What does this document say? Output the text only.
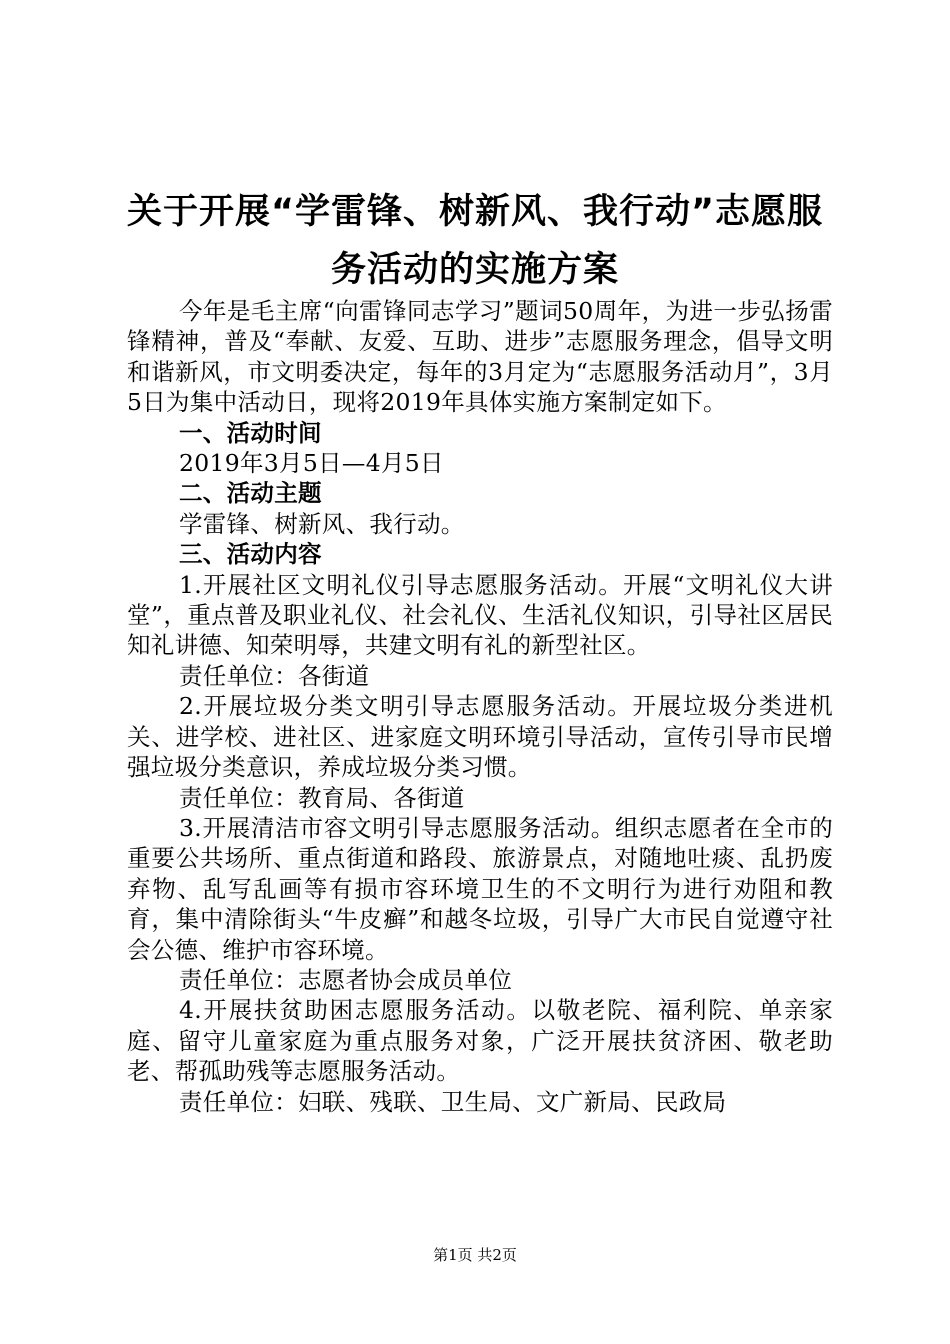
关于开展“学雷锋、树新风、我行动”志愿服
务活动的实施方案

今年是毛主席“向雷锋同志学习”题词50周年，为进一步弘扬雷锋精神，普及“奉献、友爱、互助、进步”志愿服务理念，倡导文明和谐新风，市文明委决定，每年的3月定为“志愿服务活动月”，3月5日为集中活动日，现将2019年具体实施方案制定如下。

一、活动时间

2019年3月5日—4月5日

二、活动主题

学雷锋、树新风、我行动。

三、活动内容

1.开展社区文明礼仪引导志愿服务活动。开展“文明礼仪大讲堂”，重点普及职业礼仪、社会礼仪、生活礼仪知识，引导社区居民知礼讲德、知荣明辱，共建文明有礼的新型社区。

责任单位：各街道

2.开展垃圾分类文明引导志愿服务活动。开展垃圾分类进机关、进学校、进社区、进家庭文明环境引导活动，宣传引导市民增强垃圾分类意识，养成垃圾分类习惯。

责任单位：教育局、各街道

3.开展清洁市容文明引导志愿服务活动。组织志愿者在全市的重要公共场所、重点街道和路段、旅游景点，对随地吐痰、乱扔废弃物、乱写乱画等有损市容环境卫生的不文明行为进行劝阻和教育，集中清除街头“牛皮癣”和越冬垃圾，引导广大市民自觉遵守社会公德、维护市容环境。

责任单位：志愿者协会成员单位

4.开展扶贫助困志愿服务活动。以敬老院、福利院、单亲家庭、留守儿童家庭为重点服务对象，广泛开展扶贫济困、敬老助老、帮孤助残等志愿服务活动。

责任单位：妇联、残联、卫生局、文广新局、民政局

第1页 共2页
